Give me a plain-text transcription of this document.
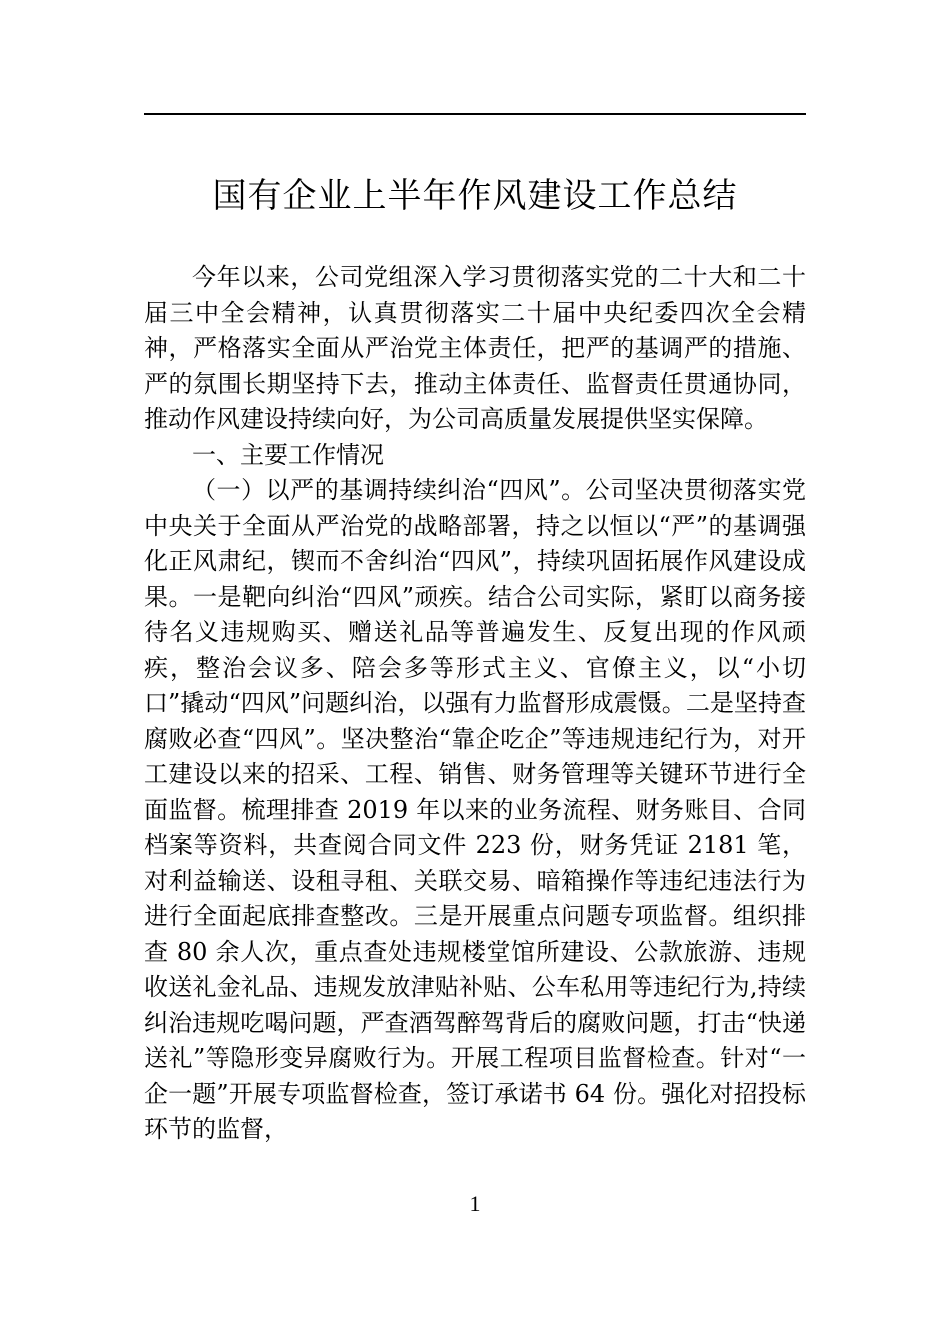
国有企业上半年作风建设工作总结

今年以来，公司党组深入学习贯彻落实党的二十大和二十届三中全会精神，认真贯彻落实二十届中央纪委四次全会精神，严格落实全面从严治党主体责任，把严的基调严的措施、严的氛围长期坚持下去，推动主体责任、监督责任贯通协同，推动作风建设持续向好，为公司高质量发展提供坚实保障。

一、主要工作情况

（一）以严的基调持续纠治“四风”。公司坚决贯彻落实党中央关于全面从严治党的战略部署，持之以恒以“严”的基调强化正风肃纪，锲而不舍纠治“四风”，持续巩固拓展作风建设成果。一是靶向纠治“四风”顽疾。结合公司实际，紧盯以商务接待名义违规购买、赠送礼品等普遍发生、反复出现的作风顽疾，整治会议多、陪会多等形式主义、官僚主义，以“小切口”撬动“四风”问题纠治，以强有力监督形成震慑。二是坚持查腐败必查“四风”。坚决整治“靠企吃企”等违规违纪行为，对开工建设以来的招采、工程、销售、财务管理等关键环节进行全面监督。梳理排查 2019 年以来的业务流程、财务账目、合同档案等资料，共查阅合同文件 223 份，财务凭证 2181 笔，对利益输送、设租寻租、关联交易、暗箱操作等违纪违法行为进行全面起底排查整改。三是开展重点问题专项监督。组织排查 80 余人次，重点查处违规楼堂馆所建设、公款旅游、违规收送礼金礼品、违规发放津贴补贴、公车私用等违纪行为,持续纠治违规吃喝问题，严查酒驾醉驾背后的腐败问题，打击“快递送礼”等隐形变异腐败行为。开展工程项目监督检查。针对“一企一题”开展专项监督检查，签订承诺书 64 份。强化对招投标环节的监督，

1
